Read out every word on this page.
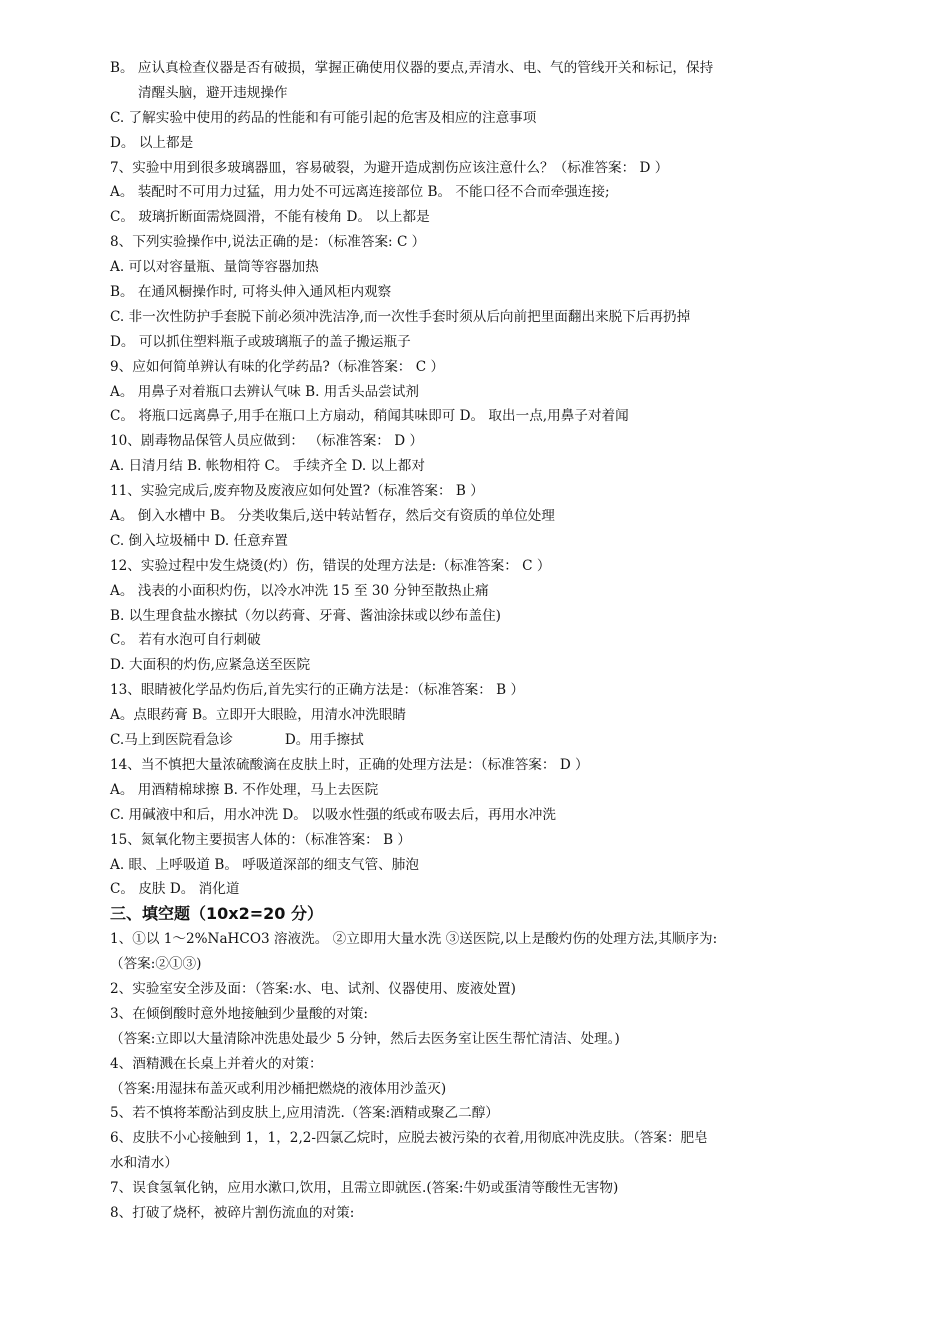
B。 应认真检查仪器是否有破损，掌握正确使用仪器的要点,弄清水、电、气的管线开关和标记，保持
清醒头脑，避开违规操作
C. 了解实验中使用的药品的性能和有可能引起的危害及相应的注意事项
D。 以上都是
7、实验中用到很多玻璃器皿，容易破裂，为避开造成割伤应该注意什么？（标准答案： D ）
A。 装配时不可用力过猛，用力处不可远离连接部位 B。 不能口径不合而牵强连接;
C。 玻璃折断面需烧圆滑，不能有棱角 D。 以上都是
8、下列实验操作中,说法正确的是：（标准答案: C ）
A. 可以对容量瓶、量筒等容器加热
B。 在通风橱操作时, 可将头伸入通风柜内观察
C. 非一次性防护手套脱下前必须冲洗洁净,而一次性手套时须从后向前把里面翻出来脱下后再扔掉
D。 可以抓住塑料瓶子或玻璃瓶子的盖子搬运瓶子
9、应如何简单辨认有味的化学药品?（标准答案： C ）
A。 用鼻子对着瓶口去辨认气味 B. 用舌头品尝试剂
C。 将瓶口远离鼻子,用手在瓶口上方扇动，稍闻其味即可 D。 取出一点,用鼻子对着闻
10、剧毒物品保管人员应做到： （标准答案： D ）
A. 日清月结 B. 帐物相符 C。 手续齐全 D. 以上都对
11、实验完成后,废弃物及废液应如何处置?（标准答案： B ）
A。 倒入水槽中 B。 分类收集后,送中转站暂存，然后交有资质的单位处理
C. 倒入垃圾桶中 D. 任意弃置
12、实验过程中发生烧烫(灼）伤，错误的处理方法是:（标准答案： C ）
A。 浅表的小面积灼伤，以冷水冲洗 15 至 30 分钟至散热止痛
B. 以生理食盐水擦拭（勿以药膏、牙膏、酱油涂抹或以纱布盖住)
C。 若有水泡可自行刺破
D. 大面积的灼伤,应紧急送至医院
13、眼睛被化学品灼伤后,首先实行的正确方法是：（标准答案： B ）
A。点眼药膏 B。立即开大眼睑，用清水冲洗眼睛
C.马上到医院看急诊            D。用手擦拭
14、当不慎把大量浓硫酸滴在皮肤上时，正确的处理方法是：（标准答案： D ）
A。 用酒精棉球擦 B. 不作处理，马上去医院
C. 用碱液中和后，用水冲洗 D。 以吸水性强的纸或布吸去后，再用水冲洗
15、氮氧化物主要损害人体的：（标准答案： B ）
A. 眼、上呼吸道 B。 呼吸道深部的细支气管、肺泡
C。 皮肤 D。 消化道
三、填空题（10x2=20 分）
1、①以 1～2%NaHCO3 溶液洗。 ②立即用大量水洗 ③送医院,以上是酸灼伤的处理方法,其顺序为:
（答案:②①③)
2、实验室安全涉及面：（答案:水、电、试剂、仪器使用、废液处置)
3、在倾倒酸时意外地接触到少量酸的对策:
（答案:立即以大量清除冲洗患处最少 5 分钟，然后去医务室让医生帮忙清洁、处理。)
4、酒精溅在长桌上并着火的对策：
（答案:用湿抹布盖灭或利用沙桶把燃烧的液体用沙盖灭)
5、若不慎将苯酚沾到皮肤上,应用清洗.（答案:酒精或聚乙二醇）
6、皮肤不小心接触到 1，1，2,2-四氯乙烷时，应脱去被污染的衣着,用彻底冲洗皮肤。（答案：肥皂
水和清水）
7、误食氢氧化钠，应用水漱口,饮用，且需立即就医.(答案:牛奶或蛋清等酸性无害物)
8、打破了烧杯，被碎片割伤流血的对策:
